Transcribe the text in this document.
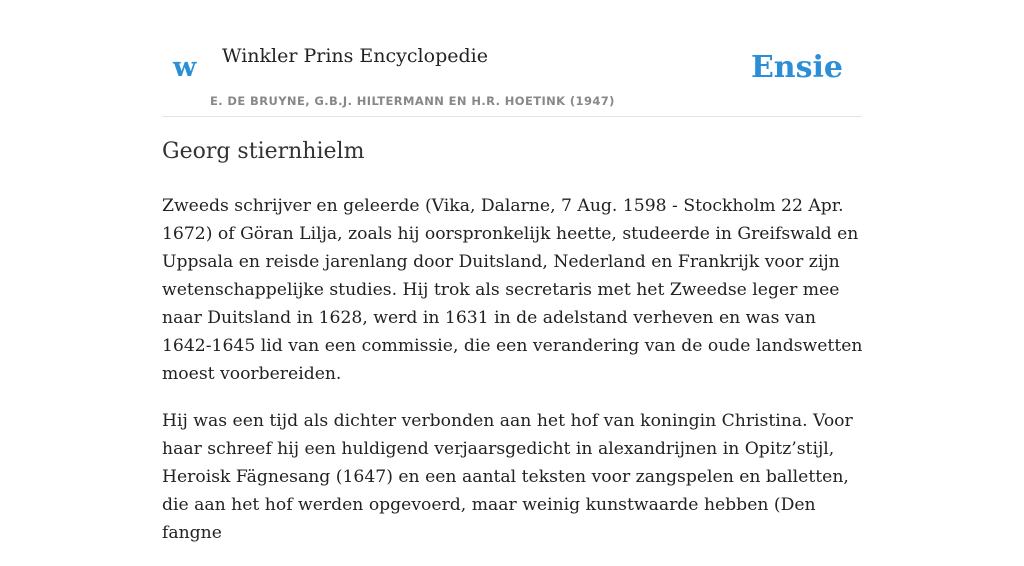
w Winkler Prins Encyclopedie
E. DE BRUYNE, G.B.J. HILTERMANN EN H.R. HOETINK (1947)
Ensie
Georg stiernhielm

Zweeds schrijver en geleerde (Vika, Dalarne, 7 Aug. 1598 - Stockholm 22 Apr. 1672) of Göran Lilja, zoals hij oorspronkelijk heette, studeerde in Greifswald en Uppsala en reisde jarenlang door Duitsland, Nederland en Frankrijk voor zijn wetenschappelijke studies. Hij trok als secretaris met het Zweedse leger mee naar Duitsland in 1628, werd in 1631 in de adelstand verheven en was van 1642-1645 lid van een commissie, die een verandering van de oude landswetten moest voorbereiden.

Hij was een tijd als dichter verbonden aan het hof van koningin Christina. Voor haar schreef hij een huldigend verjaarsgedicht in alexandrijnen in Opitz’stijl, Heroisk Fägnesang (1647) en een aantal teksten voor zangspelen en balletten, die aan het hof werden opgevoerd, maar weinig kunstwaarde hebben (Den fangne
